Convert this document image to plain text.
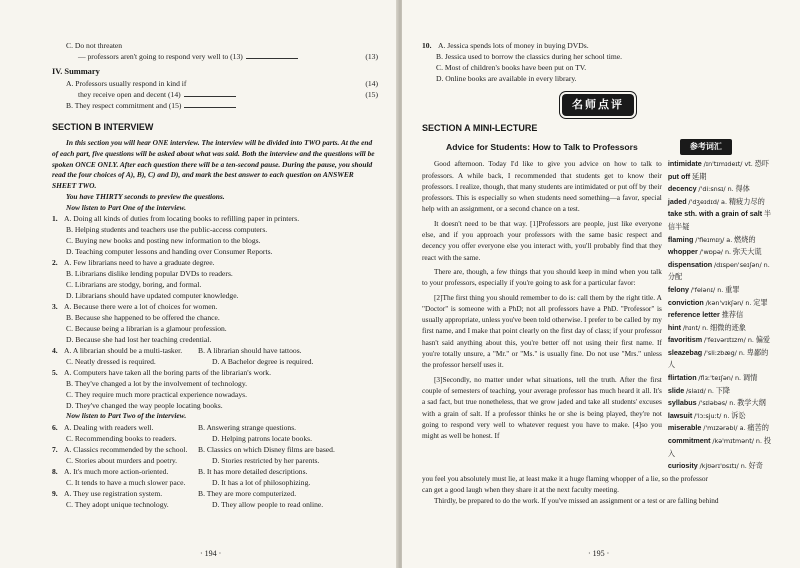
C. Do not threaten
— professors aren't going to respond very well to (13)	(13)
IV. Summary
A. Professors usually respond in kind if	(14)
they receive open and decent (14)	(15)
B. They respect commitment and (15)
SECTION B INTERVIEW
In this section you will hear ONE interview. The interview will be divided into TWO parts. At the end
of each part, five questions will be asked about what was said. Both the interview and the questions will be
spoken ONCE ONLY. After each question there will be a ten-second pause. During the pause, you should
read the four choices of A), B), C) and D), and mark the best answer to each question on ANSWER
SHEET TWO.
You have THIRTY seconds to preview the questions.
Now listen to Part One of the interview.
1. A. Doing all kinds of duties from locating books to refilling paper in printers.
B. Helping students and teachers use the public-access computers.
C. Buying new books and posting new information to the blogs.
D. Teaching computer lessons and handing over Consumer Reports.
2. A. Few librarians need to have a graduate degree.
B. Librarians dislike lending popular DVDs to readers.
C. Librarians are stodgy, boring, and formal.
D. Librarians should have updated computer knowledge.
3. A. Because there were a lot of choices for women.
B. Because she happened to be offered the chance.
C. Because being a librarian is a glamour profession.
D. Because she had lost her teaching credential.
4. A. A librarian should be a multi-tasker.	B. A librarian should have tattoos.
C. Neatly dressed is required.	D. A Bachelor degree is required.
5. A. Computers have taken all the boring parts of the librarian's work.
B. They've changed a lot by the involvement of technology.
C. They require much more practical experience nowadays.
D. They've changed the way people locating books.
Now listen to Part Two of the interview.
6. A. Dealing with readers well.	B. Answering strange questions.
C. Recommending books to readers.	D. Helping patrons locate books.
7. A. Classics recommended by the school.	B. Classics on which Disney films are based.
C. Stories about murders and poetry.	D. Stories restricted by her parents.
8. A. It's much more action-oriented.	B. It has more detailed descriptions.
C. It tends to have a much slower pace.	D. It has a lot of philosophizing.
9. A. They use registration system.	B. They are more computerized.
C. They adopt unique technology.	D. They allow people to read online.
· 194 ·
10. A. Jessica spends lots of money in buying DVDs.
B. Jessica used to borrow the classics during her school time.
C. Most of children's books have been put on TV.
D. Online books are available in every library.
名师点评
SECTION A MINI-LECTURE
Advice for Students: How to Talk to Professors

Good afternoon. Today I'd like to give you advice on how to talk to professors. A while back, I recommended that students get to know their professors. I realize, though, that many students are intimidated or put off by their professors. This is especially so when students need something—a favor, special help with an assignment, or a second chance on a test.

It doesn't need to be that way. [1]Professors are people, just like everyone else, and if you approach your professors with the same basic respect and decency you offer everyone else you interact with, you'll probably find that they react with the same.

There are, though, a few things that you should keep in mind when you talk to your professors, especially if you're going to ask for a particular favor:

[2]The first thing you should remember to do is: call them by the right title. A "Doctor" is someone with a PhD; not all professors have a PhD. "Professor" is usually appropriate, unless you've been told otherwise. I prefer to be called by my first name, and I make that point clearly on the first day of class; if your professor hasn't said anything about this, you're better off not using their first name. If you're totally unsure, a "Mr." or "Ms." is usually fine. Do not use "Mrs." unless the professor herself uses it.

[3]Secondly, no matter under what situations, tell the truth. After the first couple of semesters of teaching, your average professor has much heard it all. It's a sad fact, but true nonetheless, that we grow jaded and take all students' excuses with a grain of salt. If a professor thinks he or she is being played, they're not going to respond very well to whatever request you have to make. [4]so you might as well be honest. If

参考词汇
intimidate /ɪn'tɪmɪdeɪt/ vt. 恐吓
put off 延期
decency /'di:snsɪ/ n. 得体
jaded /'dʒeɪdɪd/ a. 精疲力尽的
take sth. with a grain of salt 半信半疑
flaming /'fleɪmɪŋ/ a. 燃烧的
whopper /'wɒpə/ n. 弥天大谎
dispensation /dɪspen'seɪʃən/ n. 分配
felony /'felənɪ/ n. 重罪
conviction /kən'vɪkʃən/ n. 定罪
reference letter 推荐信
hint /hɪnt/ n. 细微的迹象
favoritism /'feɪvərɪtɪzm/ n. 偏爱
sleazebag /'sli:zbæg/ n. 卑鄙的人
flirtation /flɜː'teɪʃən/ n. 调情
slide /slaɪd/ n. 下降
syllabus /'sɪləbəs/ n. 教学大纲
lawsuit /'lɔːsjuːt/ n. 诉讼
miserable /'mɪzərəbl/ a. 痛苦的
commitment /kə'mɪtmənt/ n. 投入
curiosity /kjʊərɪ'ɒsɪtɪ/ n. 好奇
you feel you absolutely must lie, at least make it a huge flaming whopper of a lie, so the professor
can get a good laugh when they share it at the next faculty meeting.
Thirdly, be prepared to do the work. If you've missed an assignment or a test or are falling behind
· 195 ·
